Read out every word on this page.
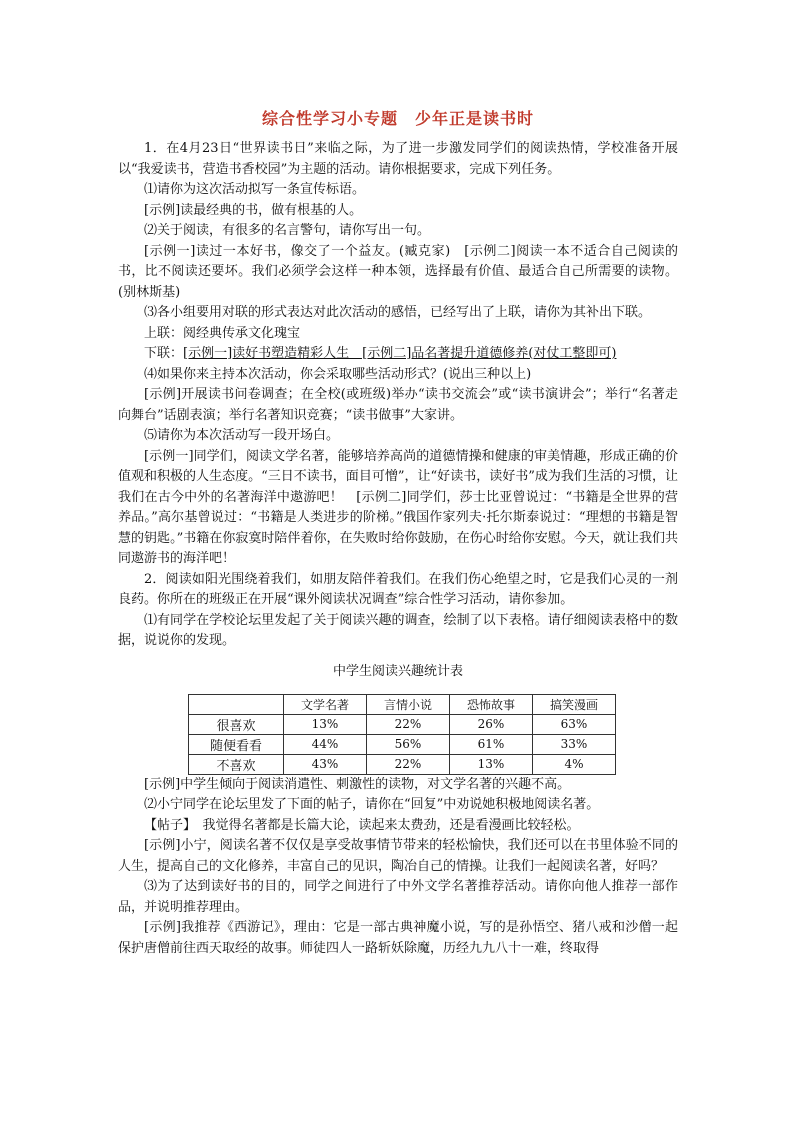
综合性学习小专题　少年正是读书时

1．在4月23日“世界读书日”来临之际，为了进一步激发同学们的阅读热情，学校准备开展以“我爱读书，营造书香校园”为主题的活动。请你根据要求，完成下列任务。

⑴请你为这次活动拟写一条宣传标语。

[示例]读最经典的书，做有根基的人。

⑵关于阅读，有很多的名言警句，请你写出一句。

[示例一]读过一本好书，像交了一个益友。(臧克家)　[示例二]阅读一本不适合自己阅读的书，比不阅读还要坏。我们必须学会这样一种本领，选择最有价值、最适合自己所需要的读物。(别林斯基)

⑶各小组要用对联的形式表达对此次活动的感悟，已经写出了上联，请你为其补出下联。

上联：阅经典传承文化瑰宝

下联：[示例一]读好书塑造精彩人生　[示例二]品名著提升道德修养(对仗工整即可)

⑷如果你来主持本次活动，你会采取哪些活动形式？(说出三种以上)

[示例]开展读书问卷调查；在全校(或班级)举办“读书交流会”或“读书演讲会”；举行“名著走向舞台”话剧表演；举行名著知识竞赛；“读书做事”大家讲。

⑸请你为本次活动写一段开场白。

[示例一]同学们，阅读文学名著，能够培养高尚的道德情操和健康的审美情趣，形成正确的价值观和积极的人生态度。“三日不读书，面目可憎”，让“好读书，读好书”成为我们生活的习惯，让我们在古今中外的名著海洋中遨游吧！　[示例二]同学们，莎士比亚曾说过：“书籍是全世界的营养品。”高尔基曾说过：“书籍是人类进步的阶梯。”俄国作家列夫·托尔斯泰说过：“理想的书籍是智慧的钥匙。”书籍在你寂寞时陪伴着你，在失败时给你鼓励，在伤心时给你安慰。今天，就让我们共同遨游书的海洋吧！

2．阅读如阳光围绕着我们，如朋友陪伴着我们。在我们伤心绝望之时，它是我们心灵的一剂良药。你所在的班级正在开展“课外阅读状况调查”综合性学习活动，请你参加。

⑴有同学在学校论坛里发起了关于阅读兴趣的调查，绘制了以下表格。请仔细阅读表格中的数据，说说你的发现。

中学生阅读兴趣统计表
	文学名著	言情小说	恐怖故事	搞笑漫画
很喜欢	13%	22%	26%	63%
随便看看	44%	56%	61%	33%
不喜欢	43%	22%	13%	4%

[示例]中学生倾向于阅读消遣性、刺激性的读物，对文学名著的兴趣不高。

⑵小宁同学在论坛里发了下面的帖子，请你在“回复”中劝说她积极地阅读名著。

【帖子】　我觉得名著都是长篇大论，读起来太费劲，还是看漫画比较轻松。

[示例]小宁，阅读名著不仅仅是享受故事情节带来的轻松愉快，我们还可以在书里体验不同的人生，提高自己的文化修养，丰富自己的见识，陶冶自己的情操。让我们一起阅读名著，好吗？

⑶为了达到读好书的目的，同学之间进行了中外文学名著推荐活动。请你向他人推荐一部作品，并说明推荐理由。

[示例]我推荐《西游记》，理由：它是一部古典神魔小说，写的是孙悟空、猪八戒和沙僧一起保护唐僧前往西天取经的故事。师徒四人一路斩妖除魔，历经九九八十一难，终取得
